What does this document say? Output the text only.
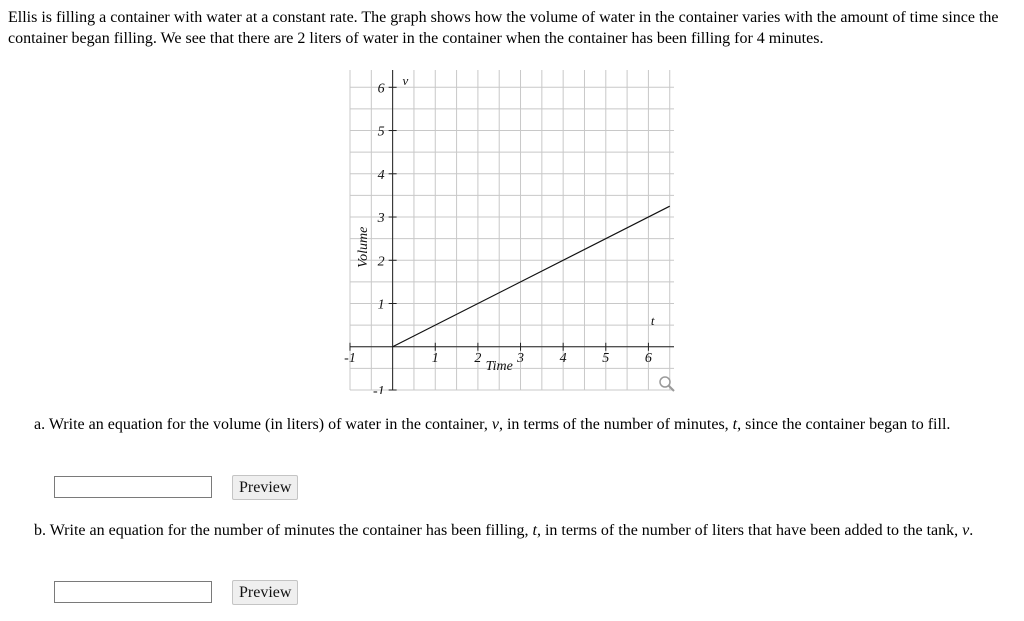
Ellis is filling a container with water at a constant rate. The graph shows how the volume of water in the container varies with the amount of time since the container began filling. We see that there are 2 liters of water in the container when the container has been filling for 4 minutes.
-1	1	2	3	4	5	6
-1
1
2
3
4
5
6
t
v
Time
Volume
a. Write an equation for the volume (in liters) of water in the container, v, in terms of the number of minutes, t, since the container began to fill.
Preview
b. Write an equation for the number of minutes the container has been filling, t, in terms of the number of liters that have been added to the tank, v.
Preview
